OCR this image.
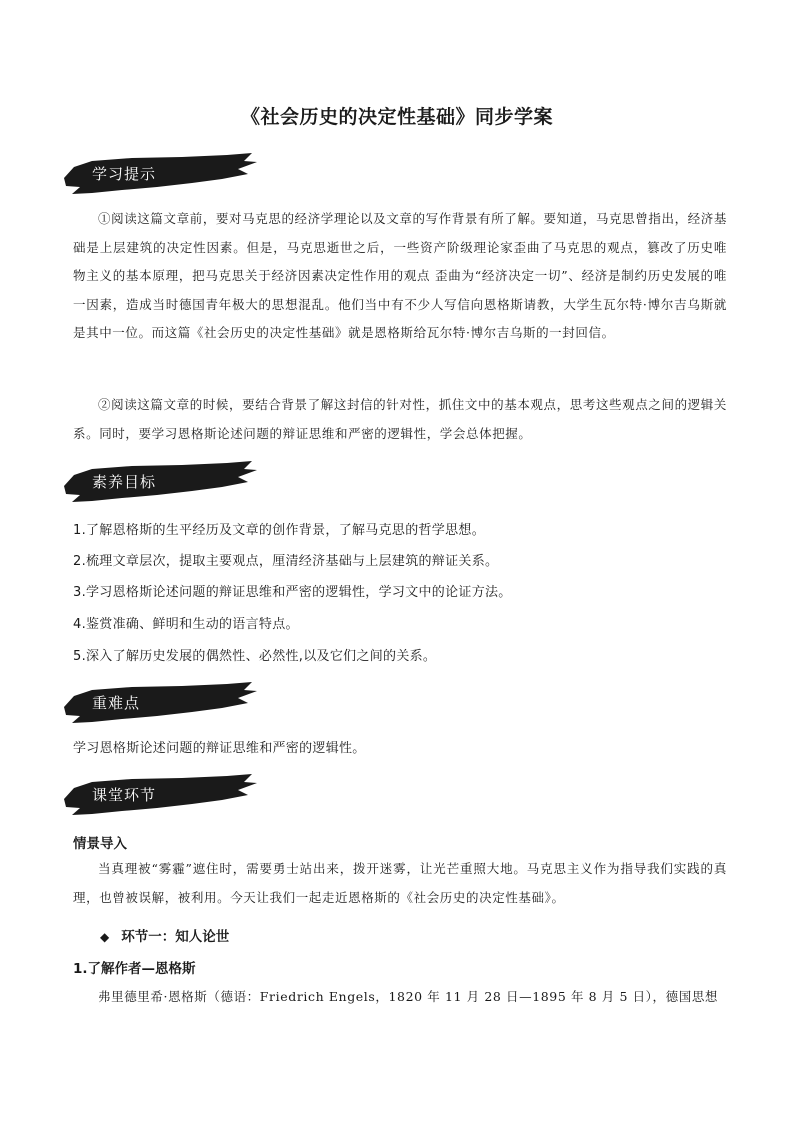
《社会历史的决定性基础》同步学案
学习提示

①阅读这篇文章前，要对马克思的经济学理论以及文章的写作背景有所了解。要知道，马克思曾指出，经济基础是上层建筑的决定性因素。但是，马克思逝世之后，一些资产阶级理论家歪曲了马克思的观点，篡改了历史唯物主义的基本原理，把马克思关于经济因素决定性作用的观点 歪曲为“经济决定一切”、经济是制约历史发展的唯一因素，造成当时德国青年极大的思想混乱。他们当中有不少人写信向恩格斯请教，大学生瓦尔特·博尔吉乌斯就是其中一位。而这篇《社会历史的决定性基础》就是恩格斯给瓦尔特·博尔吉乌斯的一封回信。

②阅读这篇文章的时候，要结合背景了解这封信的针对性，抓住文中的基本观点，思考这些观点之间的逻辑关系。同时，要学习恩格斯论述问题的辩证思维和严密的逻辑性，学会总体把握。

素养目标

1.了解恩格斯的生平经历及文章的创作背景，了解马克思的哲学思想。

2.梳理文章层次，提取主要观点，厘清经济基础与上层建筑的辩证关系。

3.学习恩格斯论述问题的辩证思维和严密的逻辑性，学习文中的论证方法。

4.鉴赏准确、鲜明和生动的语言特点。

5.深入了解历史发展的偶然性、必然性,以及它们之间的关系。

重难点

学习恩格斯论述问题的辩证思维和严密的逻辑性。

课堂环节

情景导入

当真理被“雾霾”遮住时，需要勇士站出来，拨开迷雾，让光芒重照大地。马克思主义作为指导我们实践的真理，也曾被误解，被利用。今天让我们一起走近恩格斯的《社会历史的决定性基础》。

◆ 环节一：知人论世

1.了解作者—恩格斯

弗里德里希·恩格斯（德语：Friedrich Engels，1820 年 11 月 28 日—1895 年 8 月 5 日），德国思想
